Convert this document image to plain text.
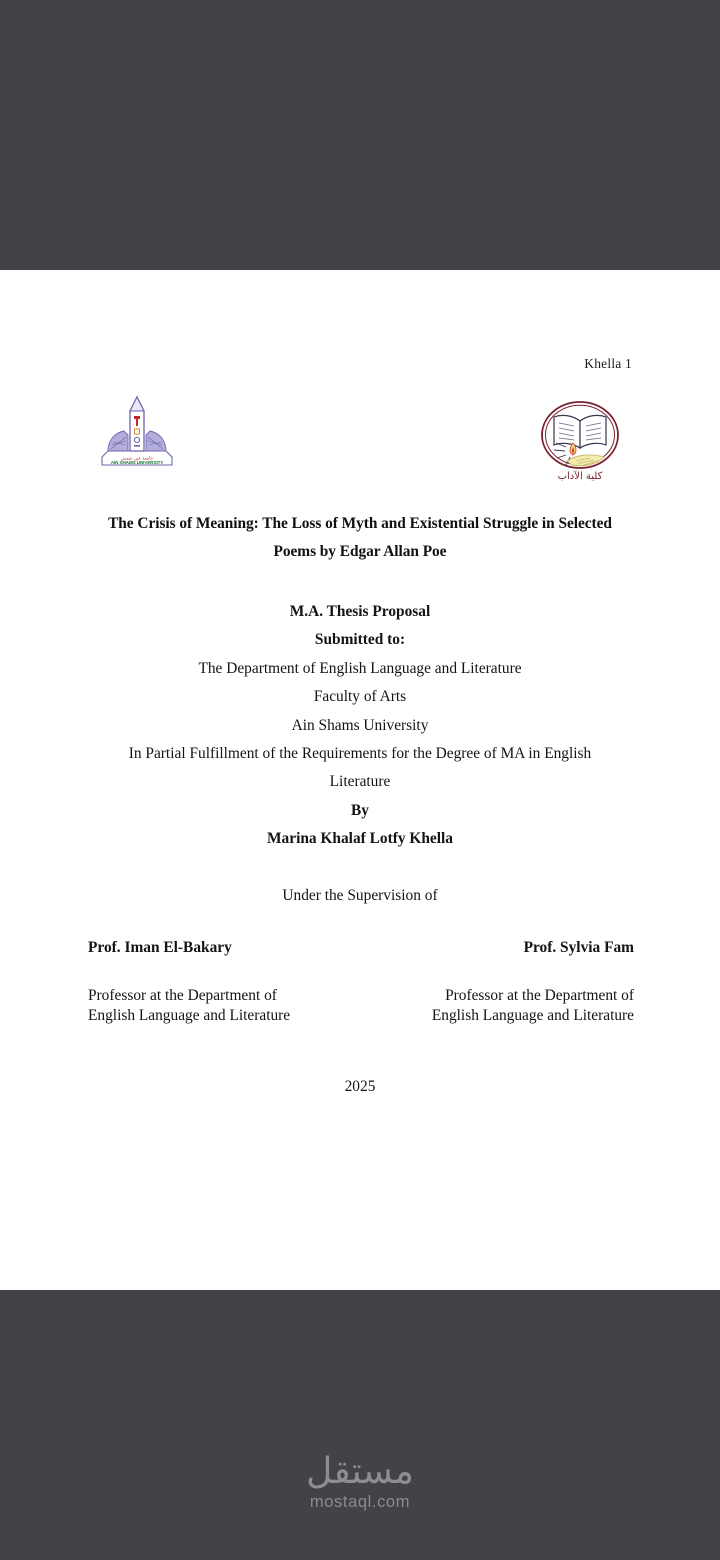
Khella 1
جامعة عين شمس
AIN SHAMS UNIVERSITY
كلية الآداب
The Crisis of Meaning: The Loss of Myth and Existential Struggle in Selected
Poems by Edgar Allan Poe
M.A. Thesis Proposal
Submitted to:
The Department of English Language and Literature
Faculty of Arts
Ain Shams University
In Partial Fulfillment of the Requirements for the Degree of MA in English
Literature
By
Marina Khalaf Lotfy Khella
Under the Supervision of
Prof. Iman El-Bakary
Professor at the Department of
English Language and Literature
Prof. Sylvia Fam
Professor at the Department of
English Language and Literature
2025
مستقل
mostaql.com
